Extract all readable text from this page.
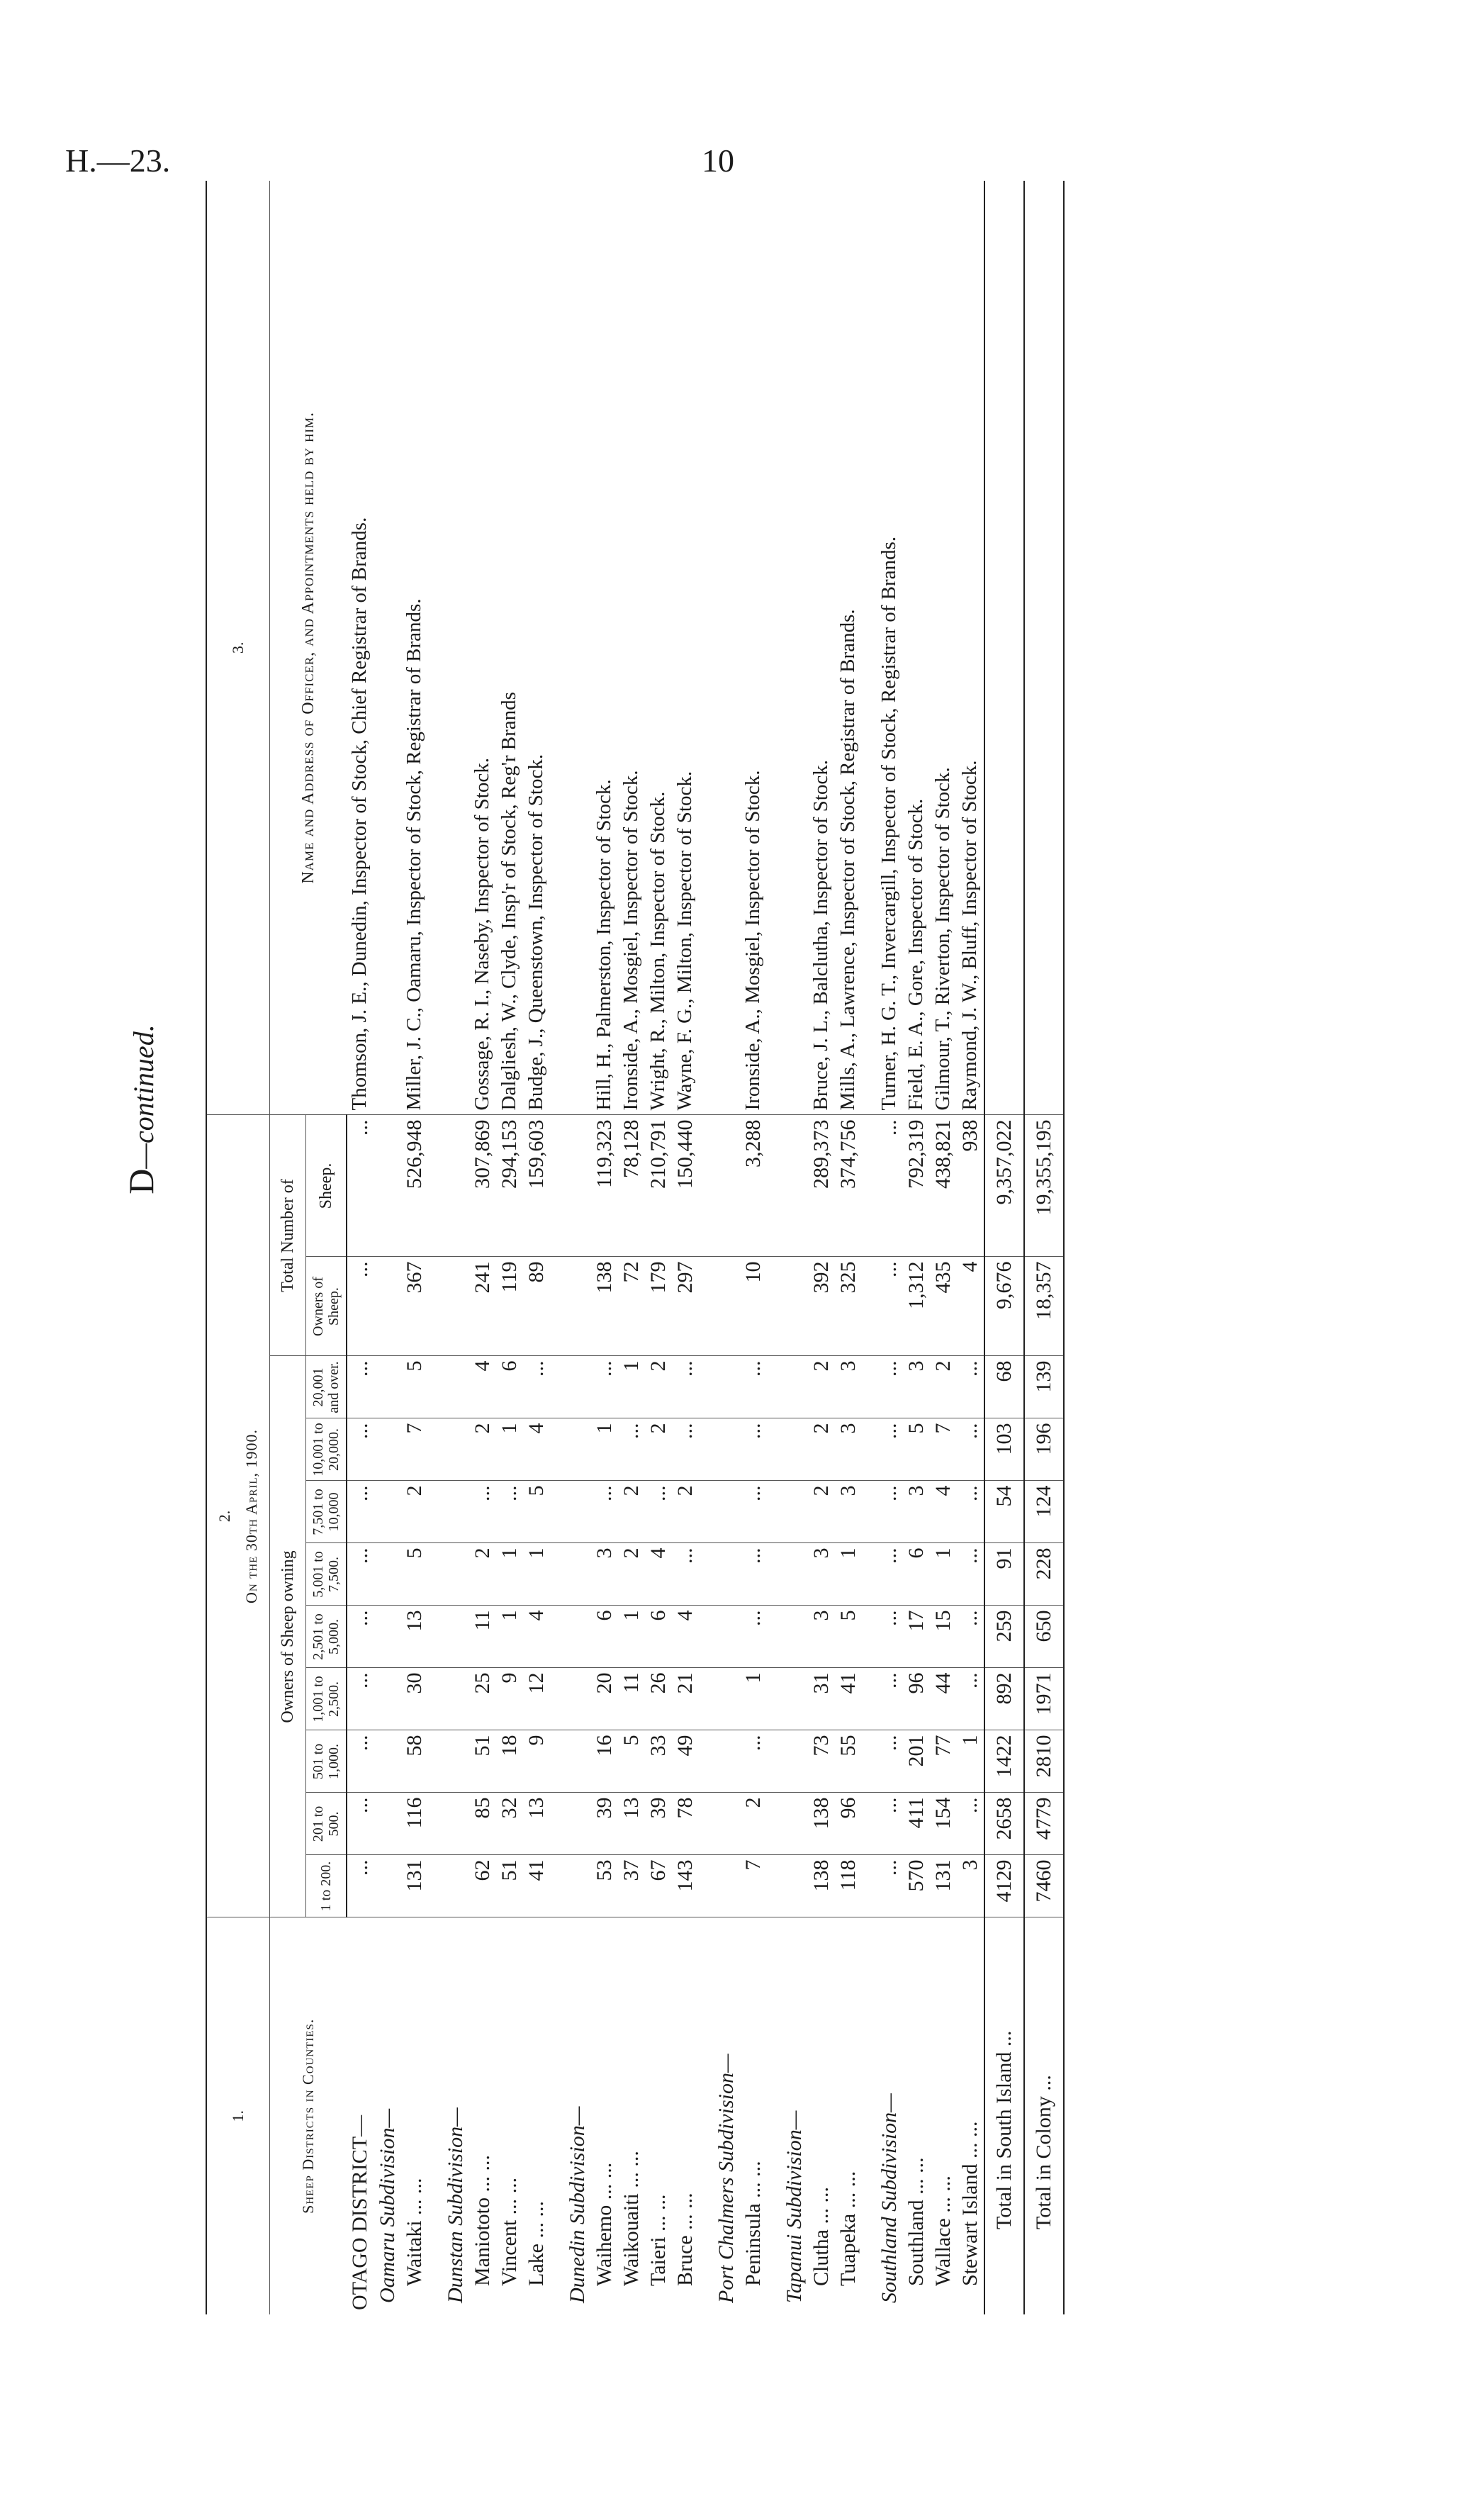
H.—23.	10
D—continued.
1.	2. On the 30th April, 1900.											3.
Sheep Districts in Counties.	Owners of Sheep owning									Total Number of		Name and Address of Officer, and Appointments held by him.

	1 to 200.	201 to 500.	501 to 1,000.	1,001 to 2,500.	2,501 to 5,000.	5,001 to 7,500.	7,501 to 10,000	10,001 to 20,000.	20,001 and over.	Owners of Sheep.	Sheep.	
OTAGO DISTRICT—	...	...	...	...	...	...	...	...	...	...	...	Thomson, J. E., Dunedin, Inspector of Stock, Chief Registrar of Brands.
Oamaru Subdivision—												
Waitaki ... ...	131	116	58	30	13	5	2	7	5	367	526,948	Miller, J. C., Oamaru, Inspector of Stock, Registrar of Brands.

Dunstan Subdivision—												
Maniototo ... ...	62	85	51	25	11	2	...	2	4	241	307,869	Gossage, R. I., Naseby, Inspector of Stock.
Vincent ... ...	51	32	18	9	1	1	...	1	6	119	294,153	Dalgliesh, W., Clyde, Insp'r of Stock, Reg'r Brands
Lake ... ...	41	13	9	12	4	1	5	4	...	89	159,603	Budge, J., Queenstown, Inspector of Stock.

Dunedin Subdivision—												
Waihemo ... ...	53	39	16	20	6	3	...	1	...	138	119,323	Hill, H., Palmerston, Inspector of Stock.
Waikouaiti ... ...	37	13	5	11	1	2	2	...	1	72	78,128	Ironside, A., Mosgiel, Inspector of Stock.
Taieri ... ...	67	39	33	26	6	4	...	2	2	179	210,791	Wright, R., Milton, Inspector of Stock.
Bruce ... ...	143	78	49	21	4	...	2	...	...	297	150,440	Wayne, F. G., Milton, Inspector of Stock.

Port Chalmers Subdivision—												
Peninsula ... ...	7	2	...	1	...	...	...	...	...	10	3,288	Ironside, A., Mosgiel, Inspector of Stock.

Tapanui Subdivision—												
Clutha ... ...	138	138	73	31	3	3	2	2	2	392	289,373	Bruce, J. L., Balclutha, Inspector of Stock.
Tuapeka ... ...	118	96	55	41	5	1	3	3	3	325	374,756	Mills, A., Lawrence, Inspector of Stock, Registrar of Brands.

Southland Subdivision—	...	...	...	...	...	...	...	...	...	...	...	Turner, H. G. T., Invercargill, Inspector of Stock, Registrar of Brands.
Southland ... ...	570	411	201	96	17	6	3	5	3	1,312	792,319	Field, E. A., Gore, Inspector of Stock.
Wallace ... ...	131	154	77	44	15	1	4	7	2	435	438,821	Gilmour, T., Riverton, Inspector of Stock.
Stewart Island ... ...	3	...	1	...	...	...	...	...	...	4	938	Raymond, J. W., Bluff, Inspector of Stock.
Total in South Island ...	4129	2658	1422	892	259	91	54	103	68	9,676	9,357,022	
Total in Colony ...	7460	4779	2810	1971	650	228	124	196	139	18,357	19,355,195	
